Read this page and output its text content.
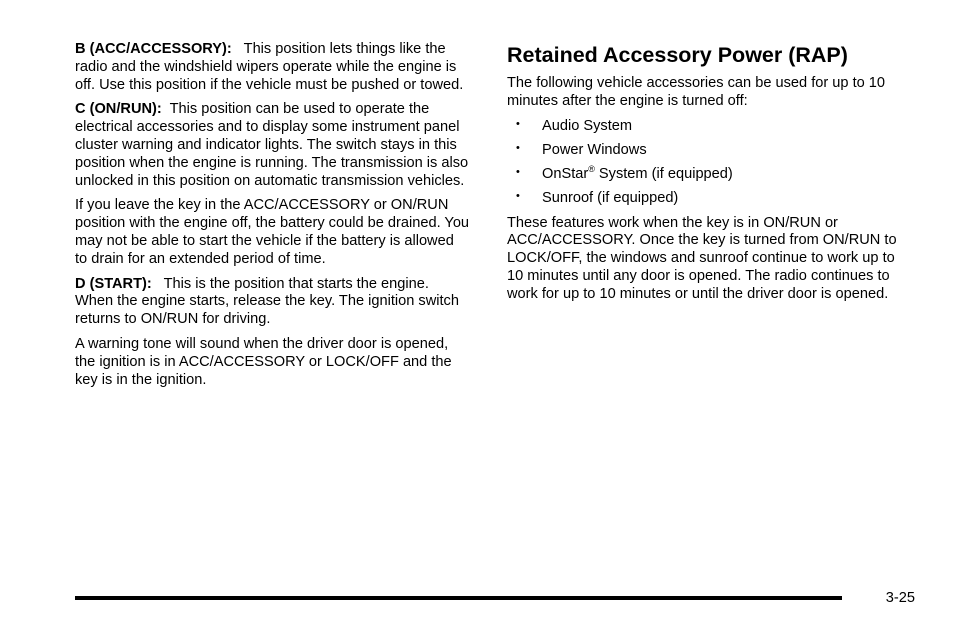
B (ACC/ACCESSORY): This position lets things like the radio and the windshield wipers operate while the engine is off. Use this position if the vehicle must be pushed or towed.

C (ON/RUN): This position can be used to operate the electrical accessories and to display some instrument panel cluster warning and indicator lights. The switch stays in this position when the engine is running. The transmission is also unlocked in this position on automatic transmission vehicles.

If you leave the key in the ACC/ACCESSORY or ON/RUN position with the engine off, the battery could be drained. You may not be able to start the vehicle if the battery is allowed to drain for an extended period of time.

D (START): This is the position that starts the engine. When the engine starts, release the key. The ignition switch returns to ON/RUN for driving.

A warning tone will sound when the driver door is opened, the ignition is in ACC/ACCESSORY or LOCK/OFF and the key is in the ignition.

Retained Accessory Power (RAP)

The following vehicle accessories can be used for up to 10 minutes after the engine is turned off:

• Audio System
• Power Windows
• OnStar® System (if equipped)
• Sunroof (if equipped)

These features work when the key is in ON/RUN or ACC/ACCESSORY. Once the key is turned from ON/RUN to LOCK/OFF, the windows and sunroof continue to work up to 10 minutes until any door is opened. The radio continues to work for up to 10 minutes or until the driver door is opened.

3-25
